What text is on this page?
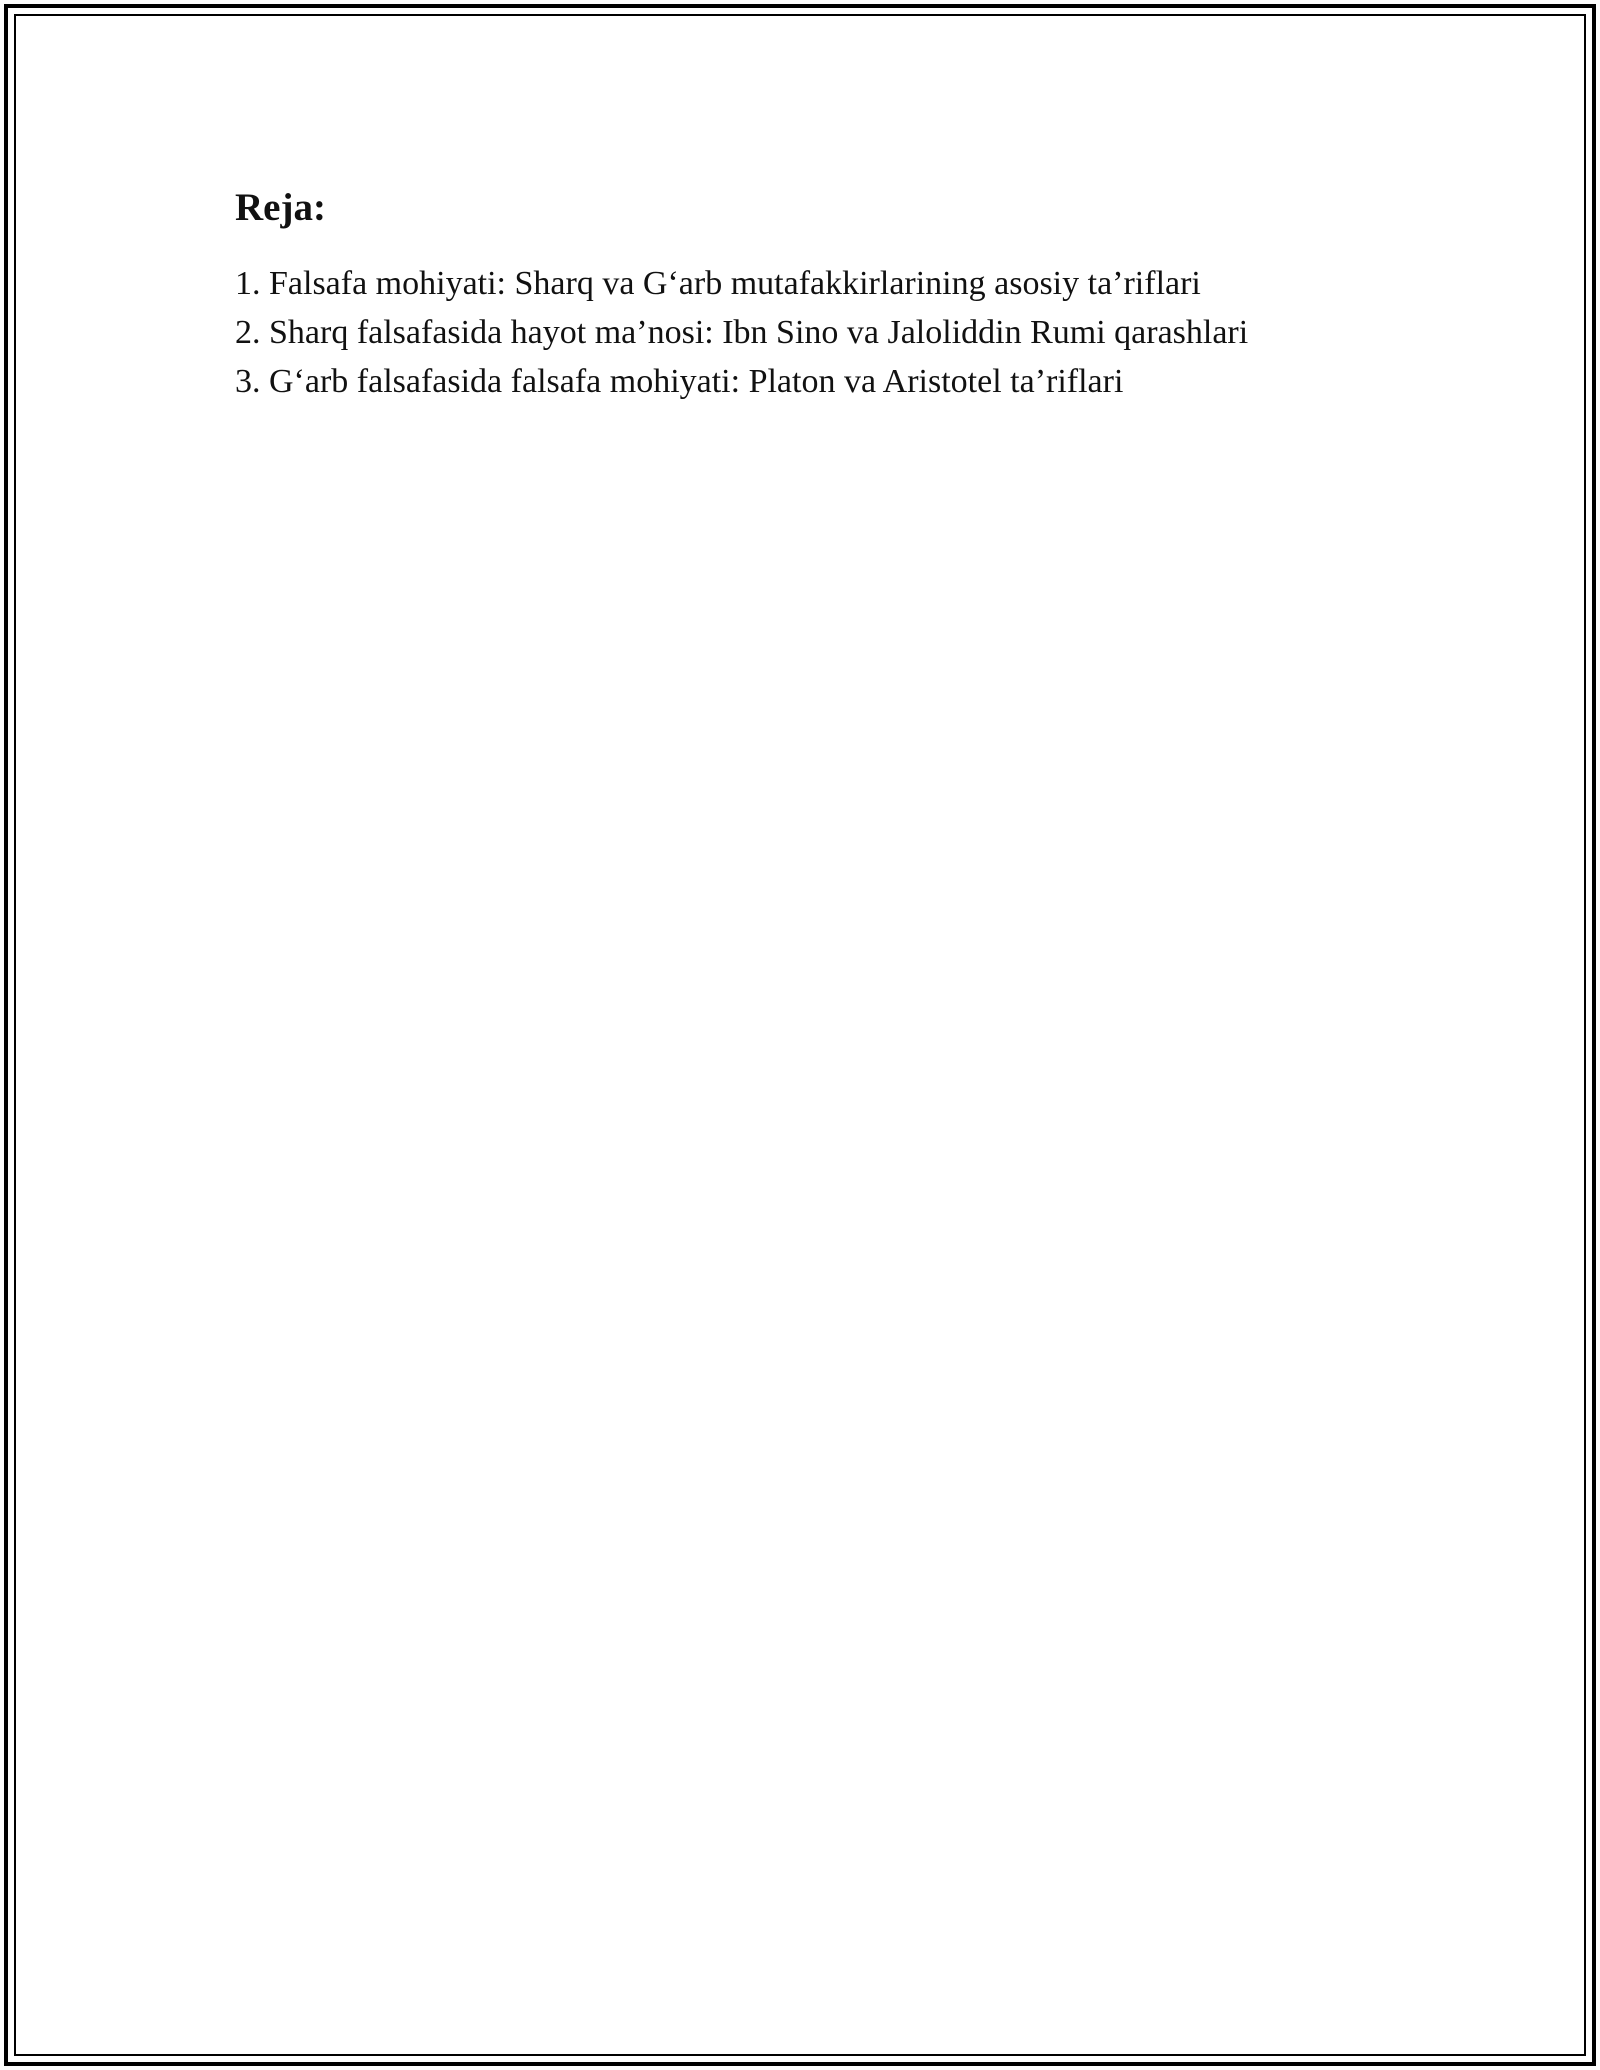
Reja:
1. Falsafa mohiyati: Sharq va G‘arb mutafakkirlarining asosiy ta’riflari
2. Sharq falsafasida hayot ma’nosi: Ibn Sino va Jaloliddin Rumi qarashlari
3. G‘arb falsafasida falsafa mohiyati: Platon va Aristotel ta’riflari
